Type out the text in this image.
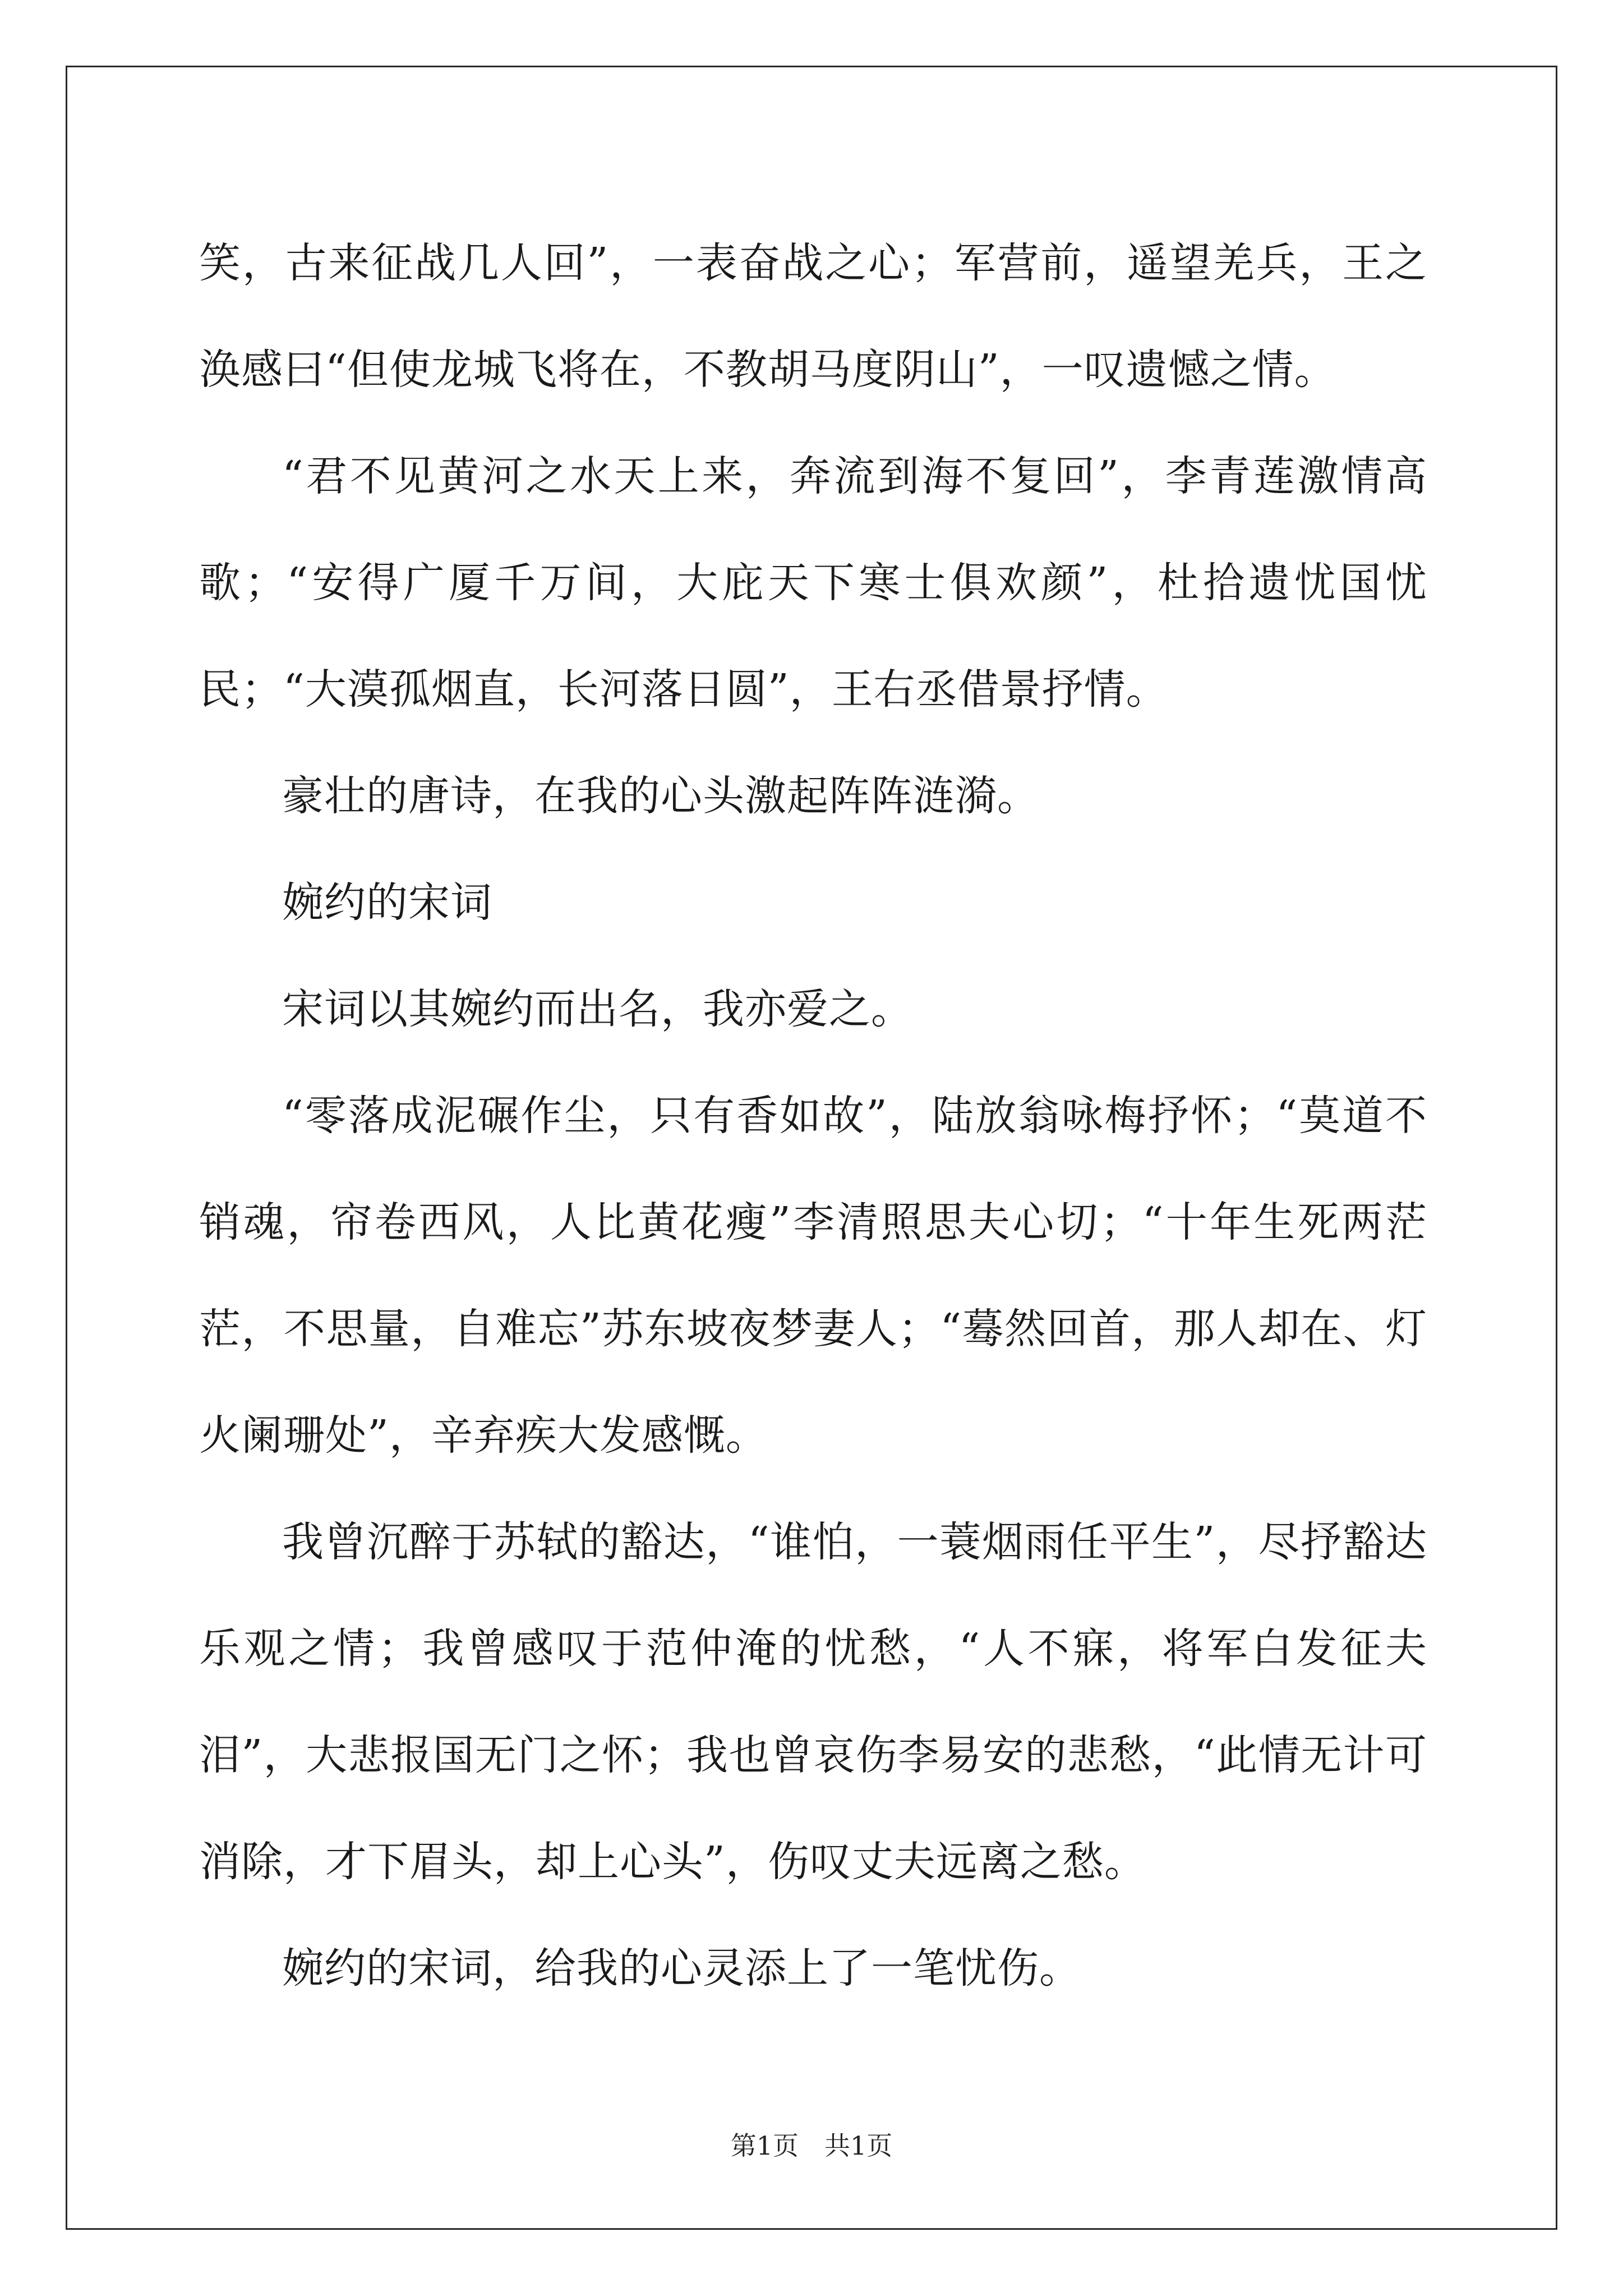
笑，古来征战几人回”，一表奋战之心；军营前，遥望羌兵，王之涣感曰“但使龙城飞将在，不教胡马度阴山”，一叹遗憾之情。

“君不见黄河之水天上来，奔流到海不复回”，李青莲激情高歌；“安得广厦千万间，大庇天下寒士俱欢颜”，杜拾遗忧国忧民；“大漠孤烟直，长河落日圆”，王右丞借景抒情。

豪壮的唐诗，在我的心头激起阵阵涟漪。

婉约的宋词

宋词以其婉约而出名，我亦爱之。

“零落成泥碾作尘，只有香如故”，陆放翁咏梅抒怀；“莫道不销魂，帘卷西风，人比黄花瘦”李清照思夫心切；“十年生死两茫茫，不思量，自难忘”苏东坡夜梦妻人；“蓦然回首，那人却在、灯火阑珊处”，辛弃疾大发感慨。

我曾沉醉于苏轼的豁达，“谁怕，一蓑烟雨任平生”，尽抒豁达乐观之情；我曾感叹于范仲淹的忧愁，“人不寐，将军白发征夫泪”，大悲报国无门之怀；我也曾哀伤李易安的悲愁，“此情无计可消除，才下眉头，却上心头”，伤叹丈夫远离之愁。

婉约的宋词，给我的心灵添上了一笔忧伤。

第1页　共1页
